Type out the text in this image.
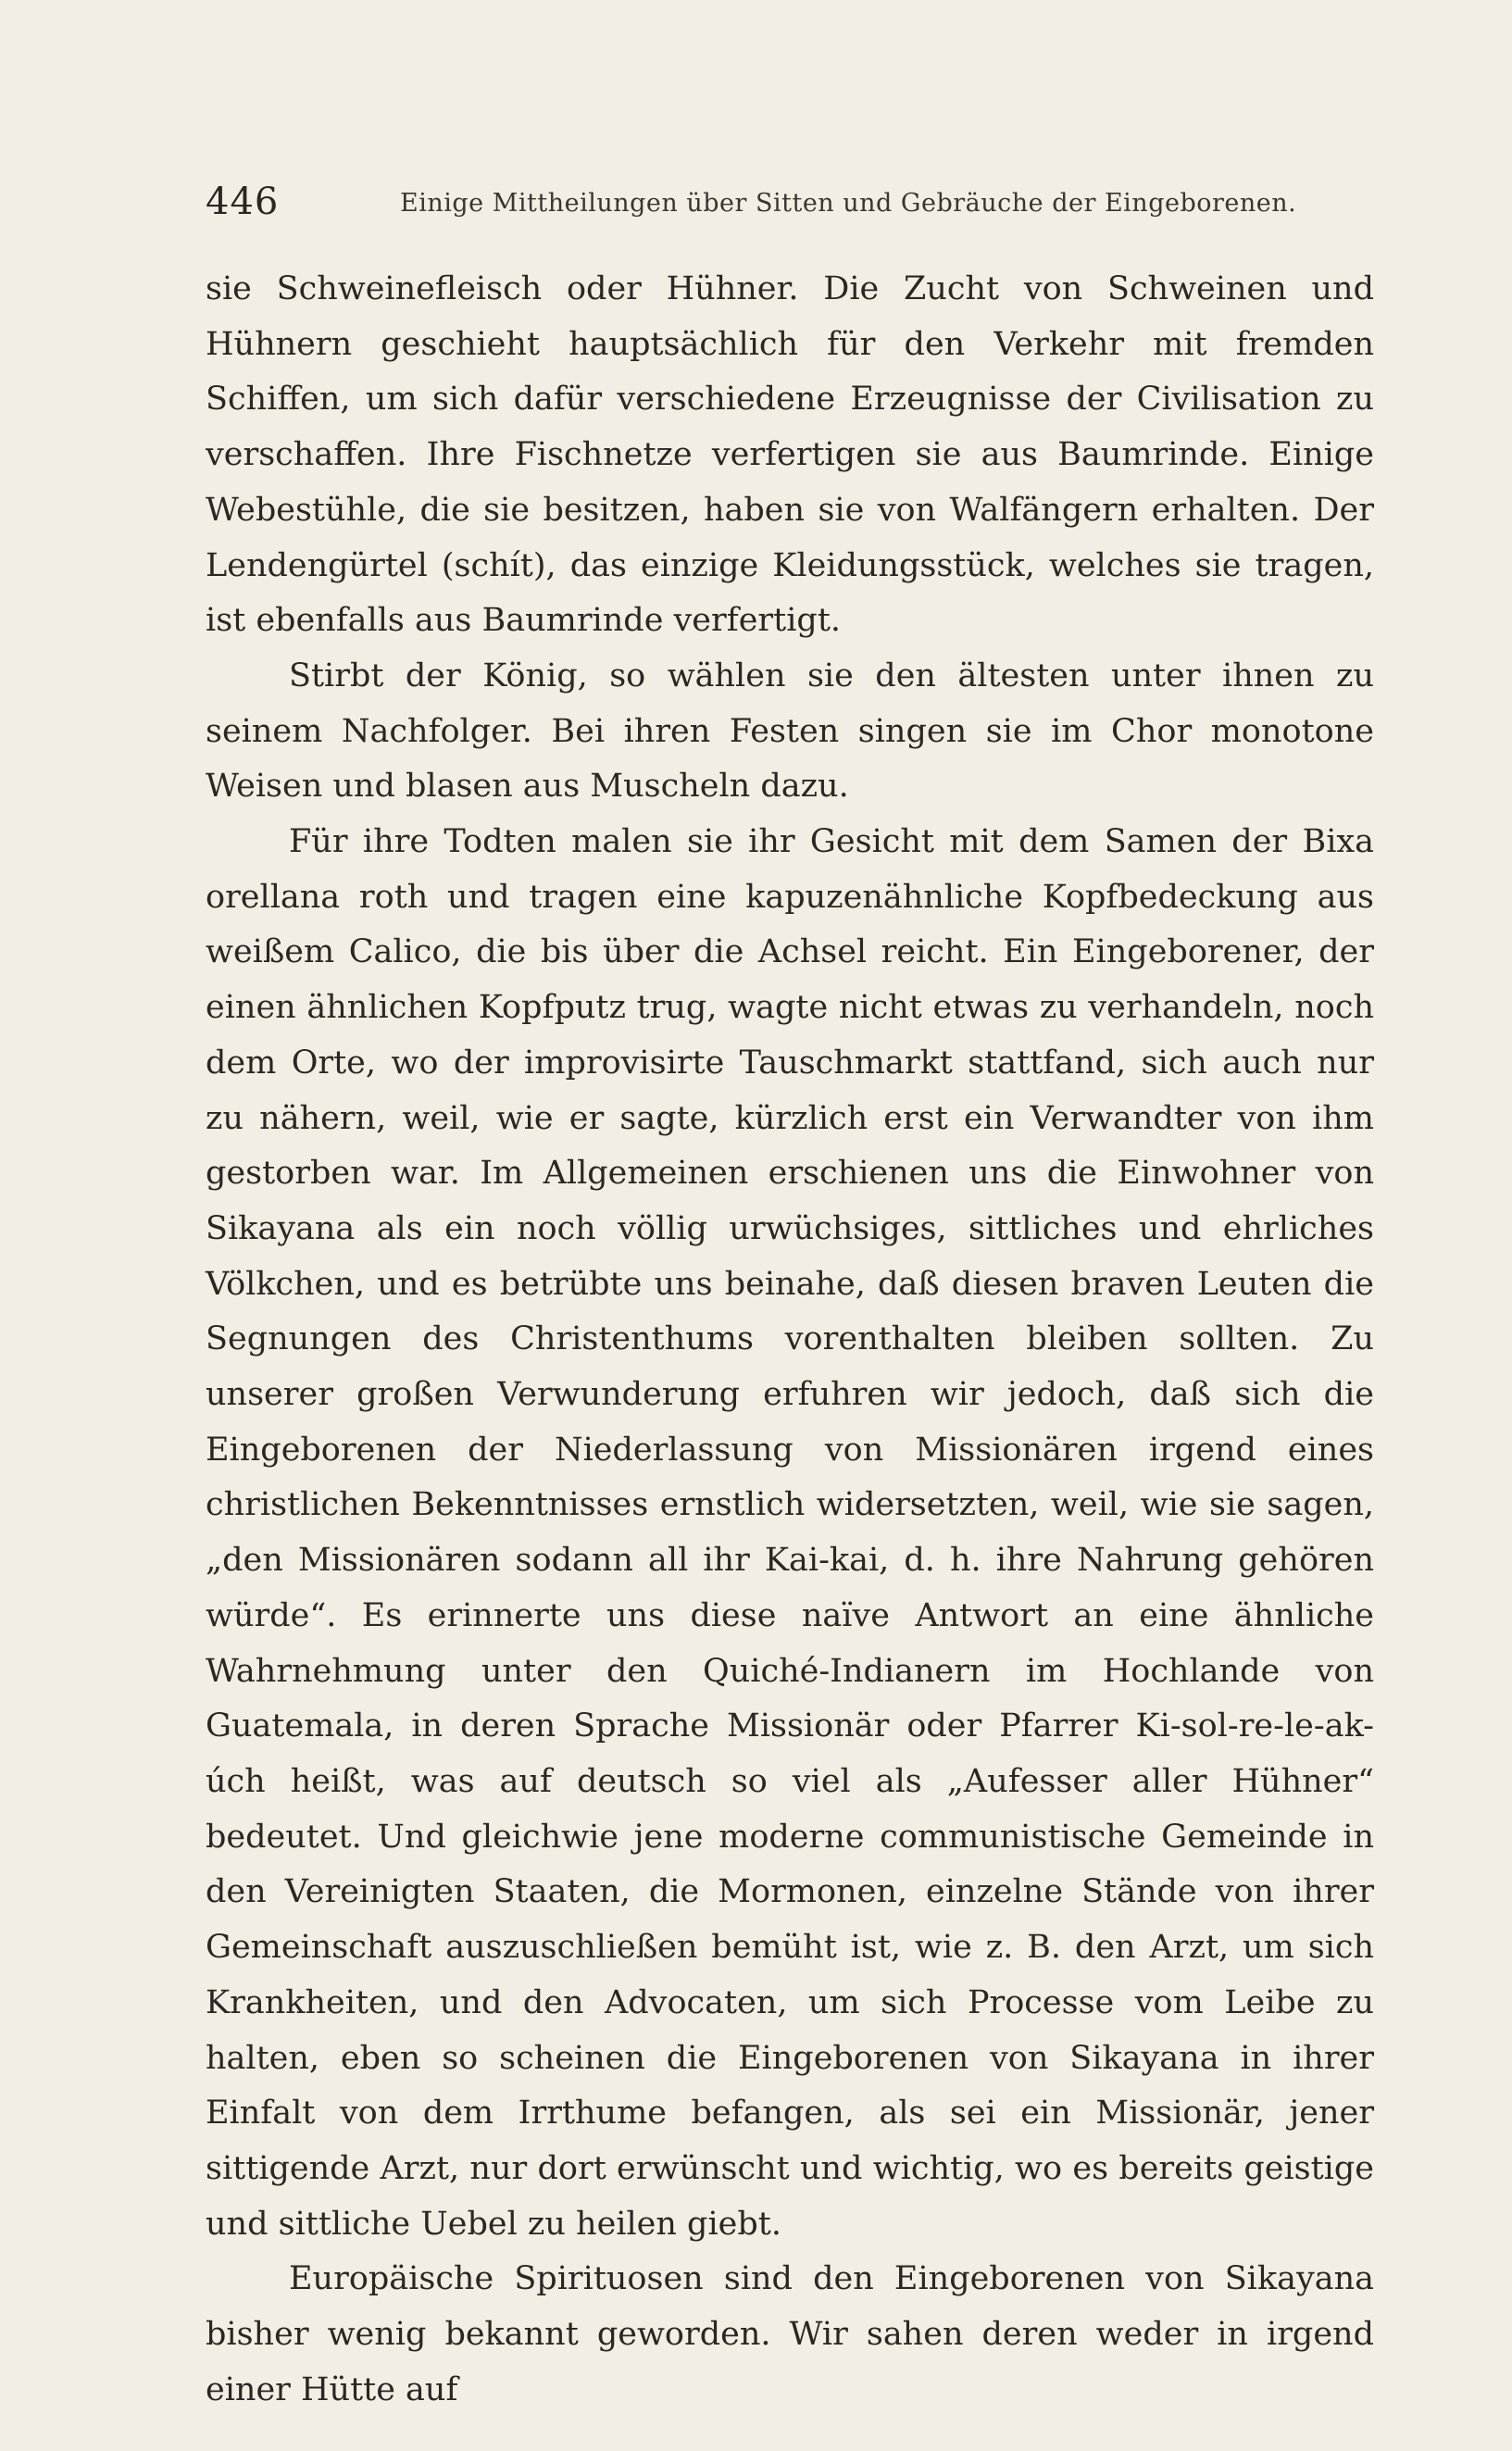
446	Einige Mittheilungen über Sitten und Gebräuche der Eingeborenen.

sie Schweinefleisch oder Hühner. Die Zucht von Schweinen und Hühnern geschieht hauptsächlich für den Verkehr mit fremden Schiffen, um sich dafür verschiedene Erzeugnisse der Civilisation zu verschaffen. Ihre Fischnetze verfertigen sie aus Baumrinde. Einige Webestühle, die sie besitzen, haben sie von Walfängern erhalten. Der Lendengürtel (schít), das einzige Kleidungsstück, welches sie tragen, ist ebenfalls aus Baumrinde verfertigt.

Stirbt der König, so wählen sie den ältesten unter ihnen zu seinem Nachfolger. Bei ihren Festen singen sie im Chor monotone Weisen und blasen aus Muscheln dazu.

Für ihre Todten malen sie ihr Gesicht mit dem Samen der Bixa orellana roth und tragen eine kapuzenähnliche Kopfbedeckung aus weißem Calico, die bis über die Achsel reicht. Ein Eingeborener, der einen ähnlichen Kopfputz trug, wagte nicht etwas zu verhandeln, noch dem Orte, wo der improvisirte Tauschmarkt stattfand, sich auch nur zu nähern, weil, wie er sagte, kürzlich erst ein Verwandter von ihm gestorben war. Im Allgemeinen erschienen uns die Einwohner von Sikayana als ein noch völlig urwüchsiges, sittliches und ehrliches Völkchen, und es betrübte uns beinahe, daß diesen braven Leuten die Segnungen des Christenthums vorenthalten bleiben sollten. Zu unserer großen Verwunderung erfuhren wir jedoch, daß sich die Eingeborenen der Niederlassung von Missionären irgend eines christlichen Bekenntnisses ernstlich widersetzten, weil, wie sie sagen, „den Missionären sodann all ihr Kai-kai, d. h. ihre Nahrung gehören würde“. Es erinnerte uns diese naïve Antwort an eine ähnliche Wahrnehmung unter den Quiché-Indianern im Hochlande von Guatemala, in deren Sprache Missionär oder Pfarrer Ki-sol-re-le-ak-úch heißt, was auf deutsch so viel als „Aufesser aller Hühner“ bedeutet. Und gleichwie jene moderne communistische Gemeinde in den Vereinigten Staaten, die Mormonen, einzelne Stände von ihrer Gemeinschaft auszuschließen bemüht ist, wie z. B. den Arzt, um sich Krankheiten, und den Advocaten, um sich Processe vom Leibe zu halten, eben so scheinen die Eingeborenen von Sikayana in ihrer Einfalt von dem Irrthume befangen, als sei ein Missionär, jener sittigende Arzt, nur dort erwünscht und wichtig, wo es bereits geistige und sittliche Uebel zu heilen giebt.

Europäische Spirituosen sind den Eingeborenen von Sikayana bisher wenig bekannt geworden. Wir sahen deren weder in irgend einer Hütte auf
